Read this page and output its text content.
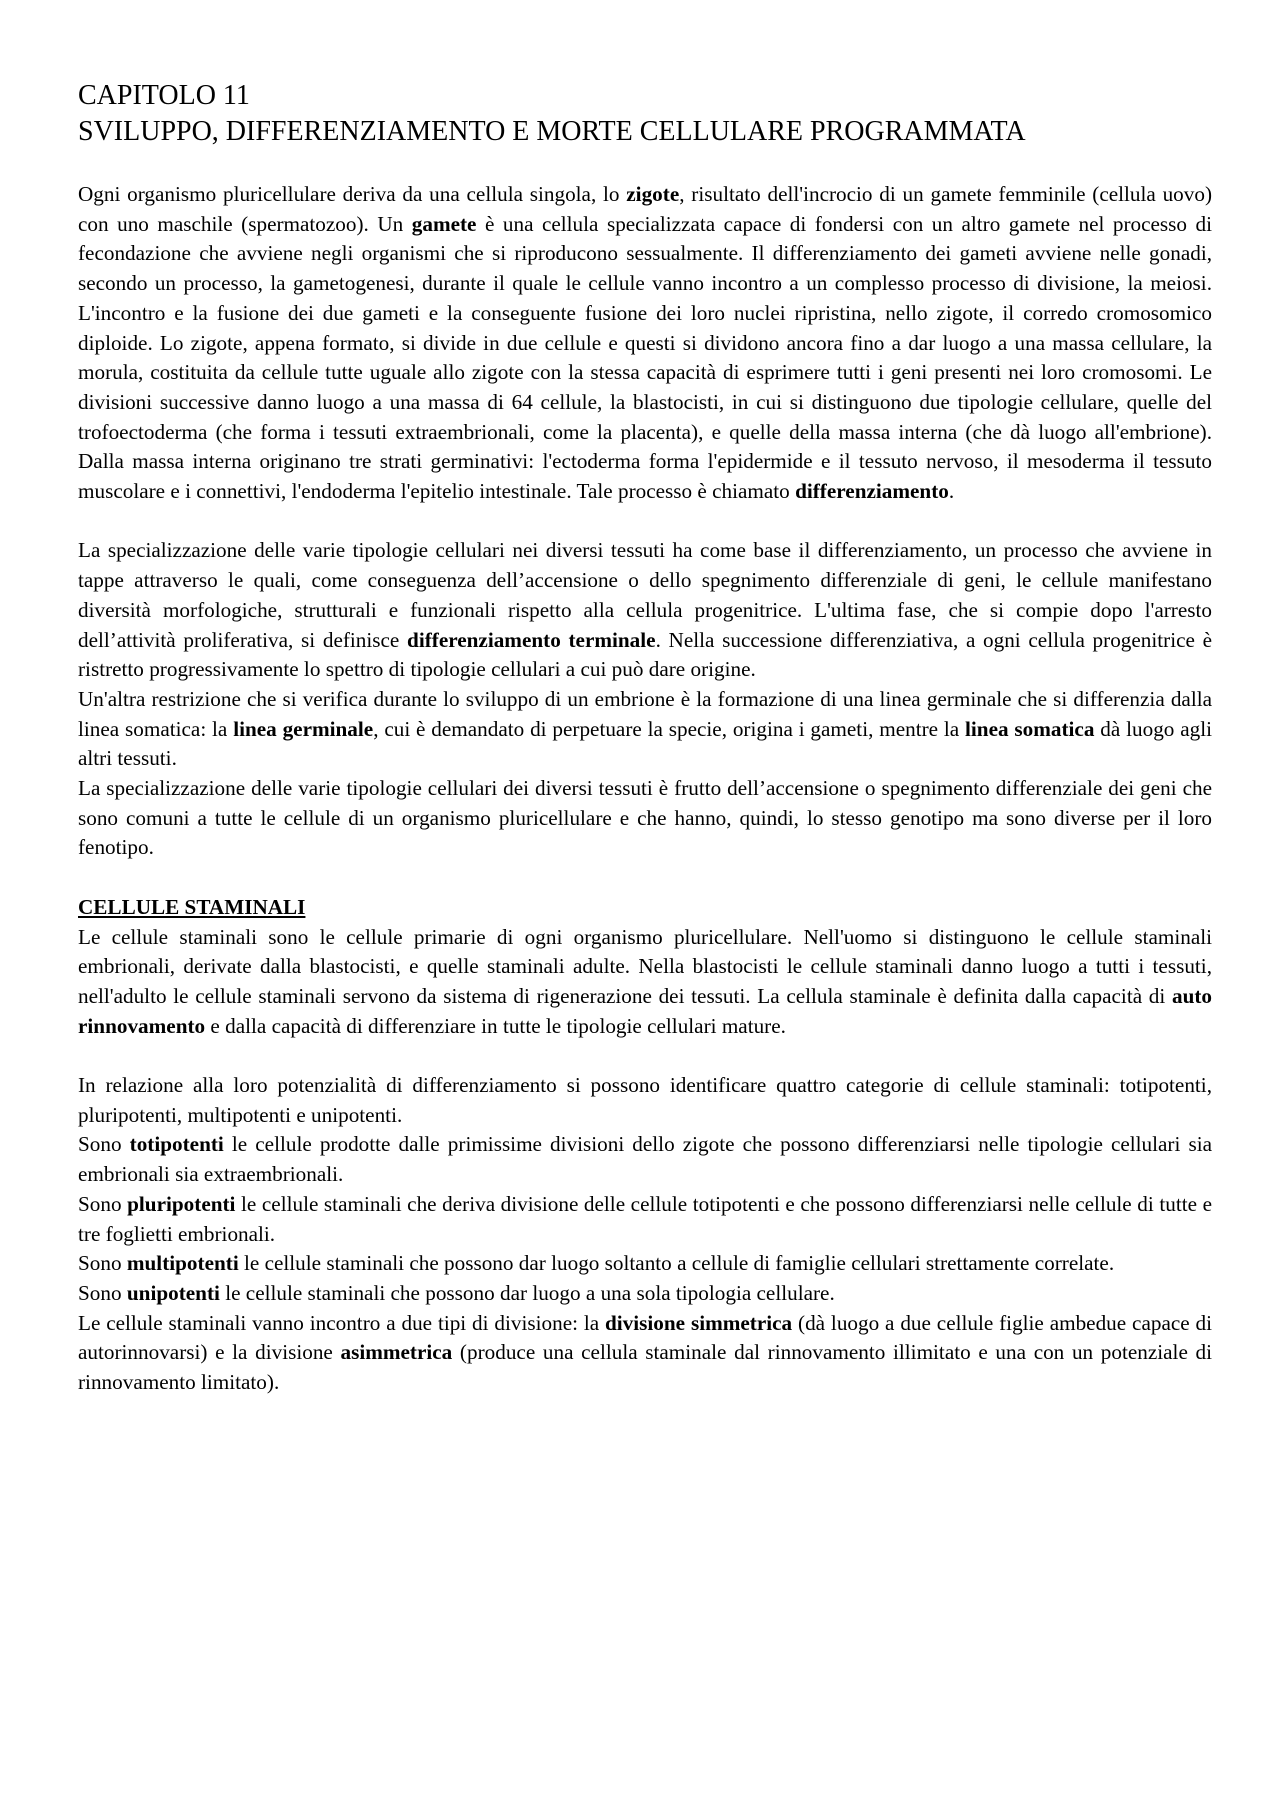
CAPITOLO 11
SVILUPPO, DIFFERENZIAMENTO E MORTE CELLULARE PROGRAMMATA

Ogni organismo pluricellulare deriva da una cellula singola, lo zigote, risultato dell'incrocio di un gamete femminile (cellula uovo) con uno maschile (spermatozoo). Un gamete è una cellula specializzata capace di fondersi con un altro gamete nel processo di fecondazione che avviene negli organismi che si riproducono sessualmente. Il differenziamento dei gameti avviene nelle gonadi, secondo un processo, la gametogenesi, durante il quale le cellule vanno incontro a un complesso processo di divisione, la meiosi. L'incontro e la fusione dei due gameti e la conseguente fusione dei loro nuclei ripristina, nello zigote, il corredo cromosomico diploide. Lo zigote, appena formato, si divide in due cellule e questi si dividono ancora fino a dar luogo a una massa cellulare, la morula, costituita da cellule tutte uguale allo zigote con la stessa capacità di esprimere tutti i geni presenti nei loro cromosomi. Le divisioni successive danno luogo a una massa di 64 cellule, la blastocisti, in cui si distinguono due tipologie cellulare, quelle del trofoectoderma (che forma i tessuti extraembrionali, come la placenta), e quelle della massa interna (che dà luogo all'embrione). Dalla massa interna originano tre strati germinativi: l'ectoderma forma l'epidermide e il tessuto nervoso, il mesoderma il tessuto muscolare e i connettivi, l'endoderma l'epitelio intestinale. Tale processo è chiamato differenziamento.

La specializzazione delle varie tipologie cellulari nei diversi tessuti ha come base il differenziamento, un processo che avviene in tappe attraverso le quali, come conseguenza dell’accensione o dello spegnimento differenziale di geni, le cellule manifestano diversità morfologiche, strutturali e funzionali rispetto alla cellula progenitrice. L'ultima fase, che si compie dopo l'arresto dell’attività proliferativa, si definisce differenziamento terminale. Nella successione differenziativa, a ogni cellula progenitrice è ristretto progressivamente lo spettro di tipologie cellulari a cui può dare origine.

Un'altra restrizione che si verifica durante lo sviluppo di un embrione è la formazione di una linea germinale che si differenzia dalla linea somatica: la linea germinale, cui è demandato di perpetuare la specie, origina i gameti, mentre la linea somatica dà luogo agli altri tessuti.

La specializzazione delle varie tipologie cellulari dei diversi tessuti è frutto dell’accensione o spegnimento differenziale dei geni che sono comuni a tutte le cellule di un organismo pluricellulare e che hanno, quindi, lo stesso genotipo ma sono diverse per il loro fenotipo.

CELLULE STAMINALI

Le cellule staminali sono le cellule primarie di ogni organismo pluricellulare. Nell'uomo si distinguono le cellule staminali embrionali, derivate dalla blastocisti, e quelle staminali adulte. Nella blastocisti le cellule staminali danno luogo a tutti i tessuti, nell'adulto le cellule staminali servono da sistema di rigenerazione dei tessuti. La cellula staminale è definita dalla capacità di auto rinnovamento e dalla capacità di differenziare in tutte le tipologie cellulari mature.

In relazione alla loro potenzialità di differenziamento si possono identificare quattro categorie di cellule staminali: totipotenti, pluripotenti, multipotenti e unipotenti.

Sono totipotenti le cellule prodotte dalle primissime divisioni dello zigote che possono differenziarsi nelle tipologie cellulari sia embrionali sia extraembrionali.

Sono pluripotenti le cellule staminali che deriva divisione delle cellule totipotenti e che possono differenziarsi nelle cellule di tutte e tre foglietti embrionali.

Sono multipotenti le cellule staminali che possono dar luogo soltanto a cellule di famiglie cellulari strettamente correlate.

Sono unipotenti le cellule staminali che possono dar luogo a una sola tipologia cellulare.

Le cellule staminali vanno incontro a due tipi di divisione: la divisione simmetrica (dà luogo a due cellule figlie ambedue capace di autorinnovarsi) e la divisione asimmetrica (produce una cellula staminale dal rinnovamento illimitato e una con un potenziale di rinnovamento limitato).
